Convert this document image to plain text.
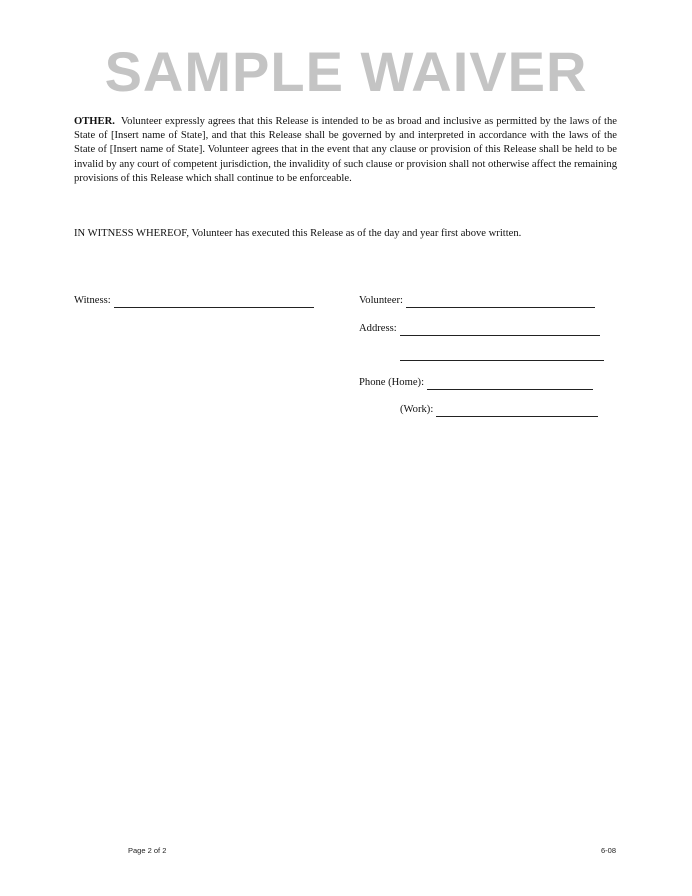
SAMPLE WAIVER
OTHER. Volunteer expressly agrees that this Release is intended to be as broad and inclusive as permitted by the laws of the State of [Insert name of State], and that this Release shall be governed by and interpreted in accordance with the laws of the State of [Insert name of State]. Volunteer agrees that in the event that any clause or provision of this Release shall be held to be invalid by any court of competent jurisdiction, the invalidity of such clause or provision shall not otherwise affect the remaining provisions of this Release which shall continue to be enforceable.
IN WITNESS WHEREOF, Volunteer has executed this Release as of the day and year first above written.
Witness:	Volunteer:
Address:
Phone (Home):
(Work):
Page 2 of 2	6-08
